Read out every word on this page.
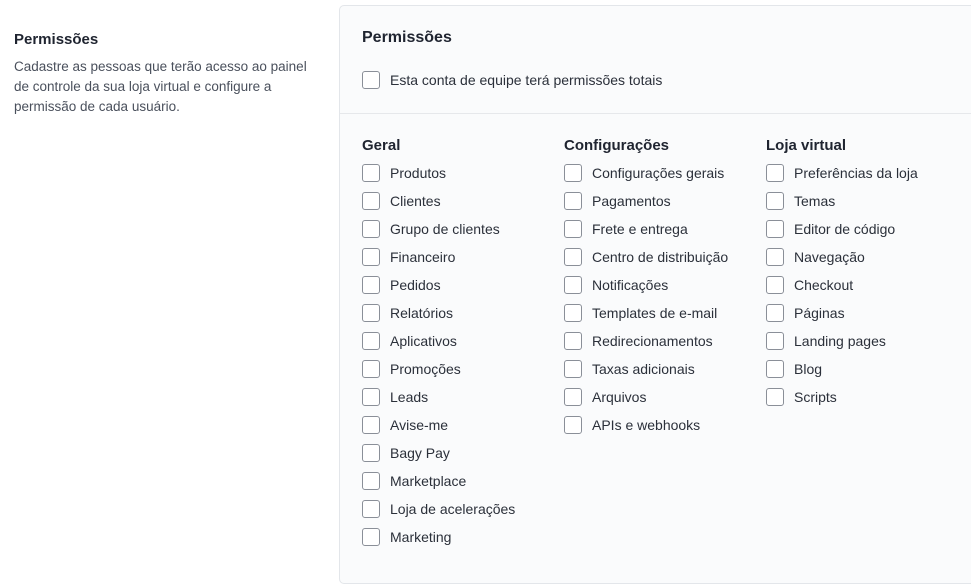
Permissões

Cadastre as pessoas que terão acesso ao painel de controle da sua loja virtual e configure a permissão de cada usuário.

Permissões
Esta conta de equipe terá permissões totais
Geral
Produtos
Clientes
Grupo de clientes
Financeiro
Pedidos
Relatórios
Aplicativos
Promoções
Leads
Avise-me
Bagy Pay
Marketplace
Loja de acelerações
Marketing
Configurações
Configurações gerais
Pagamentos
Frete e entrega
Centro de distribuição
Notificações
Templates de e-mail
Redirecionamentos
Taxas adicionais
Arquivos
APIs e webhooks
Loja virtual
Preferências da loja
Temas
Editor de código
Navegação
Checkout
Páginas
Landing pages
Blog
Scripts
